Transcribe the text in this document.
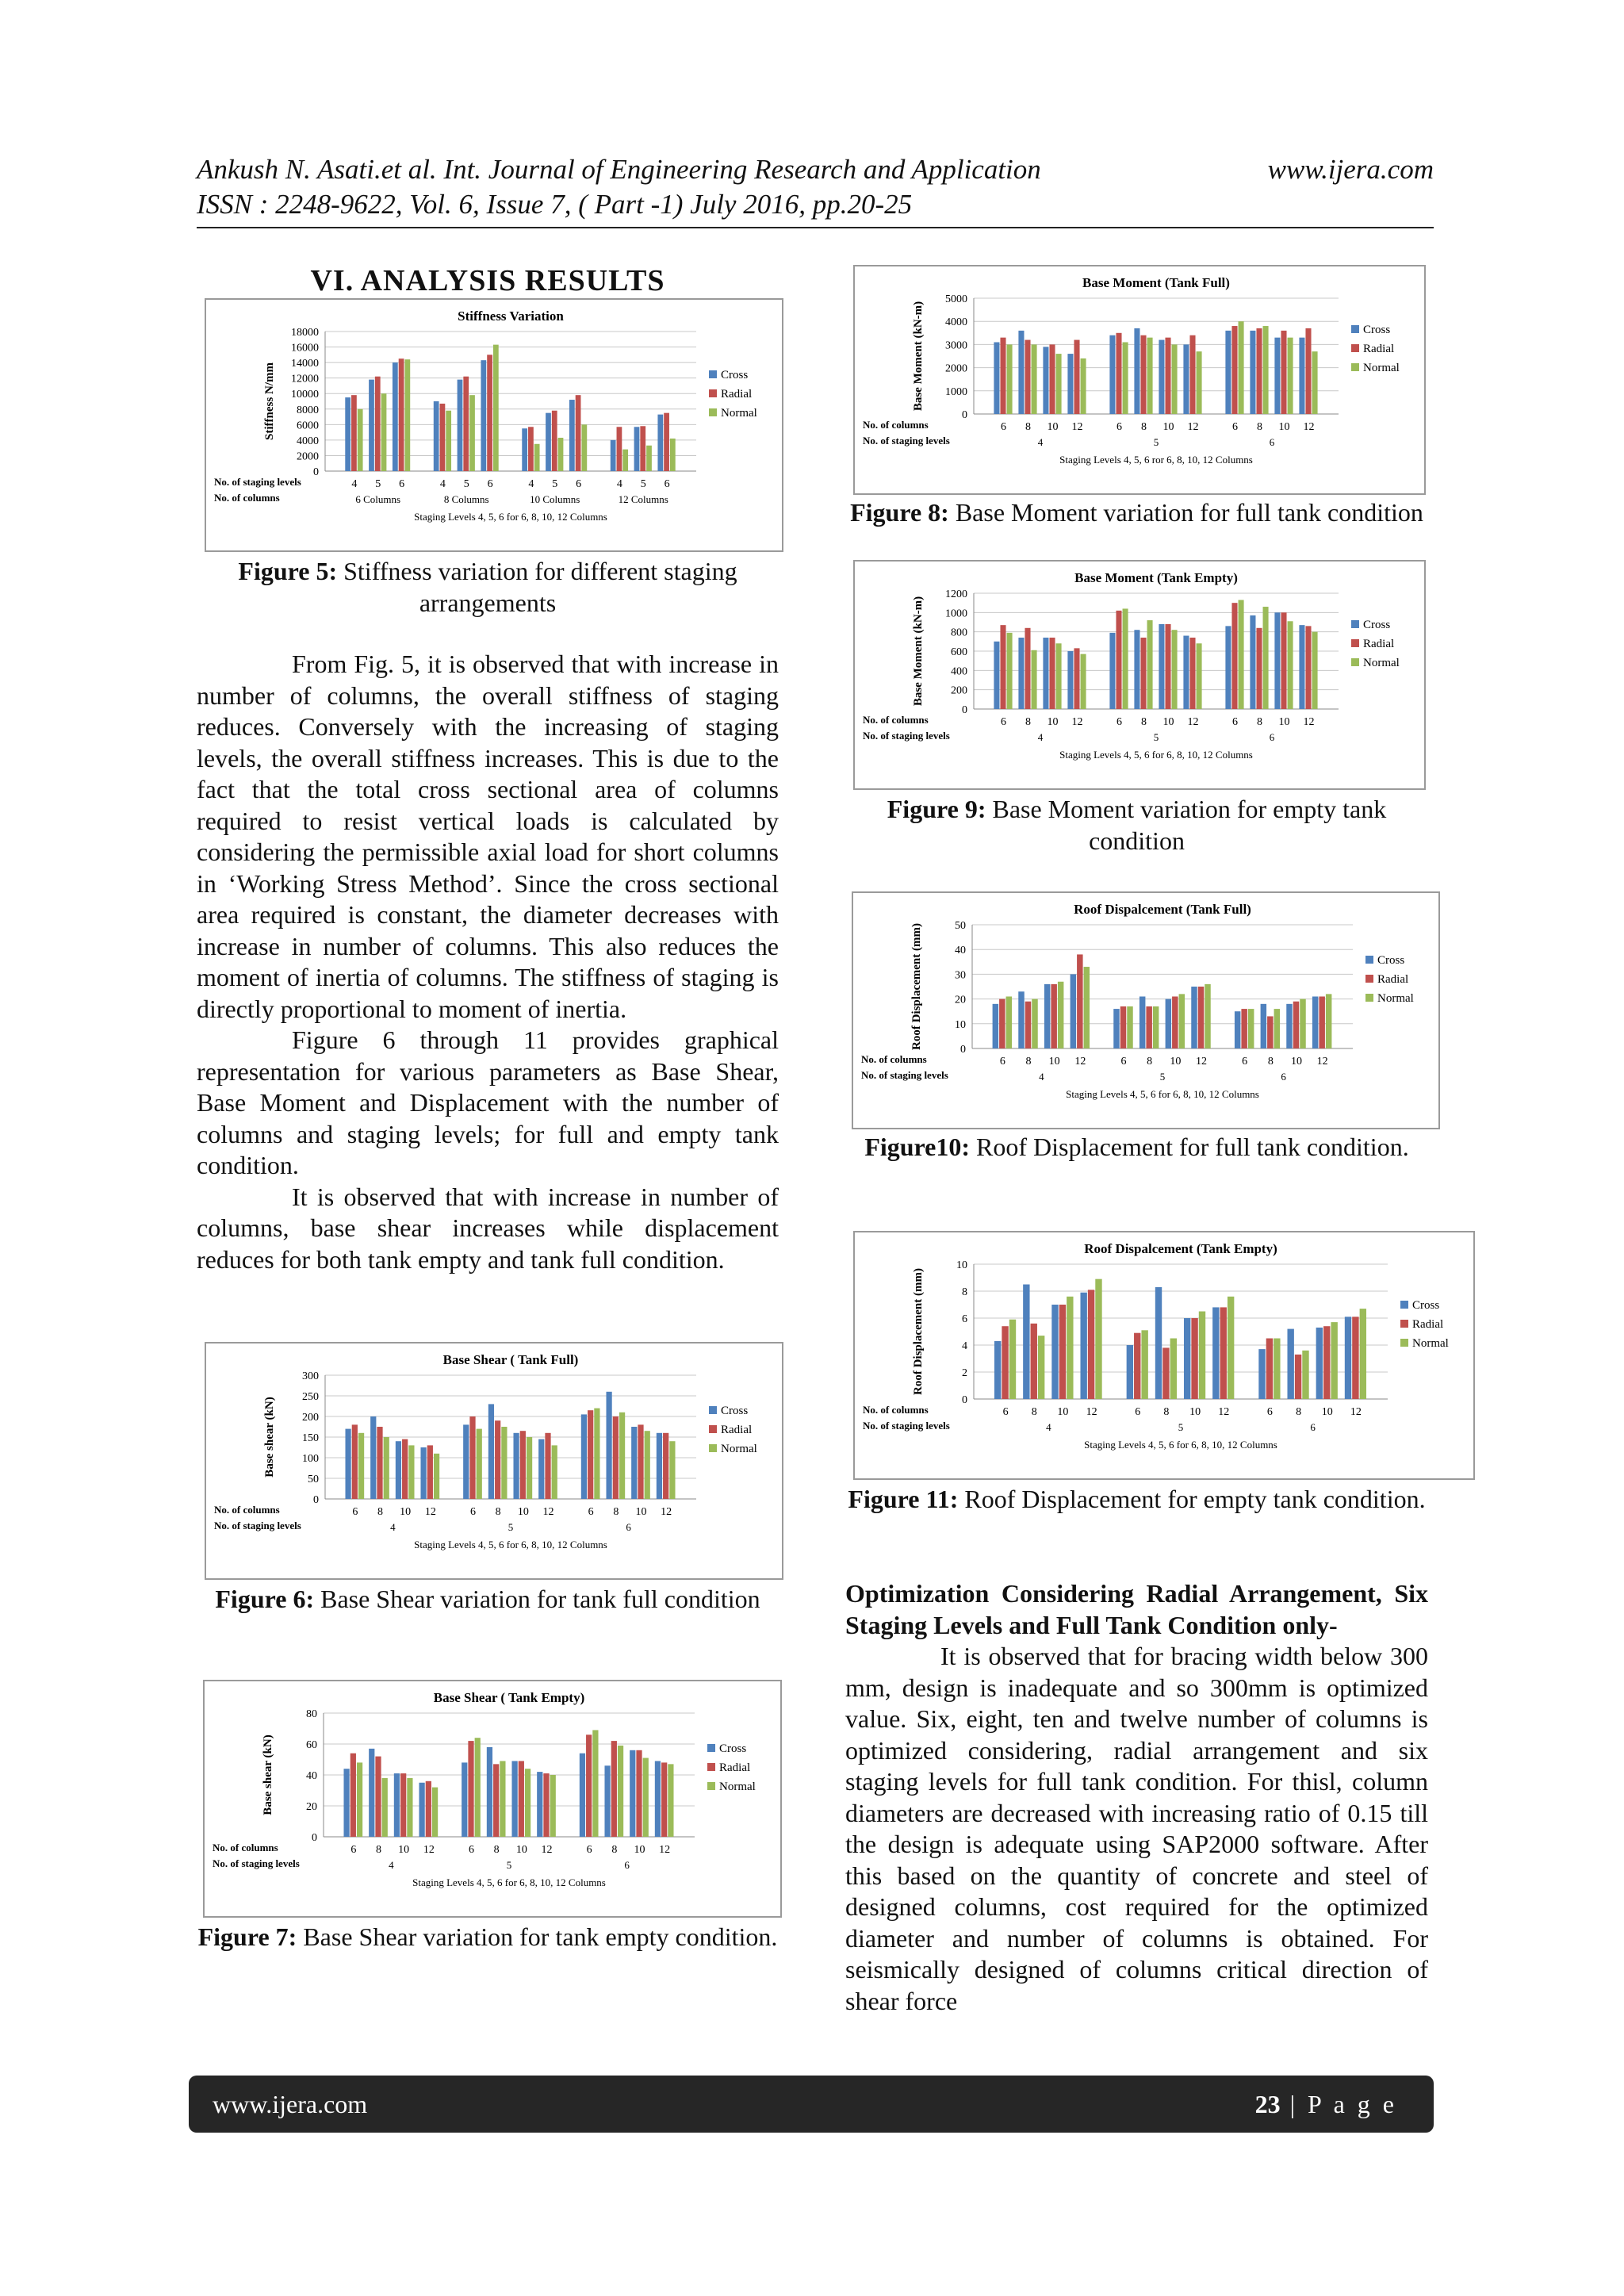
Ankush N. Asati.et al. Int. Journal of Engineering Research and Application	www.ijera.com
ISSN : 2248-9622, Vol. 6, Issue 7, ( Part -1) July 2016, pp.20-25
VI. ANALYSIS RESULTS
Stiffness Variation
0
2000
4000
6000
8000
10000
12000
14000
16000
18000
Stiffness N/mm
4 5 6	4 5 6	4 5 6	4 5 6
6 Columns	8 Columns	10 Columns	12 Columns
No. of staging levels
No. of columns
Staging Levels 4, 5, 6 for 6, 8, 10, 12 Columns
Cross
Radial
Normal
Figure 5: Stiffness variation for different staging arrangements

From Fig. 5, it is observed that with increase in number of columns, the overall stiffness of staging reduces. Conversely with the increasing of staging levels, the overall stiffness increases. This is due to the fact that the total cross sectional area of columns required to resist vertical loads is calculated by considering the permissible axial load for short columns in ‘Working Stress Method’. Since the cross sectional area required is constant, the diameter decreases with increase in number of columns. This also reduces the moment of inertia of columns. The stiffness of staging is directly proportional to moment of inertia.

Figure 6 through 11 provides graphical representation for various parameters as Base Shear, Base Moment and Displacement with the number of columns and staging levels; for full and empty tank condition.

It is observed that with increase in number of columns, base shear increases while displacement reduces for both tank empty and tank full condition.

Base Shear ( Tank Full)
0
50
100
150
200
250
300
Base shear (kN)
6 8 10 12	6 8 10 12	6 8 10 12
4	5	6
No. of columns
No. of staging levels
Staging Levels 4, 5, 6 for 6, 8, 10, 12 Columns
Cross
Radial
Normal
Figure 6: Base Shear variation for tank full condition
Base Shear ( Tank Empty)
0
20
40
60
80
Base shear (kN)
6 8 10 12	6 8 10 12	6 8 10 12
4	5	6
No. of columns
No. of staging levels
Staging Levels 4, 5, 6 for 6, 8, 10, 12 Columns
Cross
Radial
Normal
Figure 7: Base Shear variation for tank empty condition.
Base Moment (Tank Full)
0
1000
2000
3000
4000
5000
Base Moment (kN-m)
6 8 10 12	6 8 10 12	6 8 10 12
4	5	6
No. of columns
No. of staging levels
Staging Levels 4, 5, 6 ror 6, 8, 10, 12 Columns
Cross
Radial
Normal
Figure 8: Base Moment variation for full tank condition
Base Moment (Tank Empty)
0
200
400
600
800
1000
1200
Base Moment (kN-m)
6 8 10 12	6 8 10 12	6 8 10 12
4	5	6
No. of columns
No. of staging levels
Staging Levels 4, 5, 6 for 6, 8, 10, 12 Columns
Cross
Radial
Normal
Figure 9: Base Moment variation for empty tank condition
Roof Dispalcement (Tank Full)
0
10
20
30
40
50
Roof Displacement (mm)
6 8 10 12	6 8 10 12	6 8 10 12
4	5	6
No. of columns
No. of staging levels
Staging Levels 4, 5, 6 for 6, 8, 10, 12 Columns
Cross
Radial
Normal
Figure10: Roof Displacement for full tank condition.
Roof Dispalcement (Tank Empty)
0
2
4
6
8
10
Roof Displacement (mm)
6 8 10 12	6 8 10 12	6 8 10 12
4	5	6
No. of columns
No. of staging levels
Staging Levels 4, 5, 6 for 6, 8, 10, 12 Columns
Cross
Radial
Normal
Figure 11: Roof Displacement for empty tank condition.
Optimization Considering Radial Arrangement, Six Staging Levels and Full Tank Condition only-

It is observed that for bracing width below 300 mm, design is inadequate and so 300mm is optimized value. Six, eight, ten and twelve number of columns is optimized considering, radial arrangement and six staging levels for full tank condition. For thisl, column diameters are decreased with increasing ratio of 0.15 till the design is adequate using SAP2000 software. After this based on the quantity of concrete and steel of designed columns, cost required for the optimized diameter and number of columns is obtained. For seismically designed of columns critical direction of shear force

www.ijera.com	23 | P a g e
